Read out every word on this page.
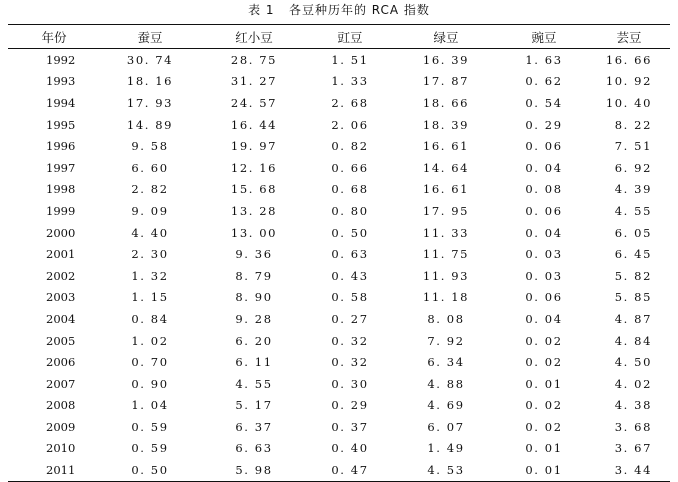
表 1   各豆种历年的 RCA 指数
年份	蚕豆	红小豆	豇豆	绿豆	豌豆	芸豆
1992	30. 74	28. 75	1. 51	16. 39	1. 63	16. 66
1993	18. 16	31. 27	1. 33	17. 87	0. 62	10. 92
1994	17. 93	24. 57	2. 68	18. 66	0. 54	10. 40
1995	14. 89	16. 44	2. 06	18. 39	0. 29	8. 22
1996	9. 58	19. 97	0. 82	16. 61	0. 06	7. 51
1997	6. 60	12. 16	0. 66	14. 64	0. 04	6. 92
1998	2. 82	15. 68	0. 68	16. 61	0. 08	4. 39
1999	9. 09	13. 28	0. 80	17. 95	0. 06	4. 55
2000	4. 40	13. 00	0. 50	11. 33	0. 04	6. 05
2001	2. 30	9. 36	0. 63	11. 75	0. 03	6. 45
2002	1. 32	8. 79	0. 43	11. 93	0. 03	5. 82
2003	1. 15	8. 90	0. 58	11. 18	0. 06	5. 85
2004	0. 84	9. 28	0. 27	8. 08	0. 04	4. 87
2005	1. 02	6. 20	0. 32	7. 92	0. 02	4. 84
2006	0. 70	6. 11	0. 32	6. 34	0. 02	4. 50
2007	0. 90	4. 55	0. 30	4. 88	0. 01	4. 02
2008	1. 04	5. 17	0. 29	4. 69	0. 02	4. 38
2009	0. 59	6. 37	0. 37	6. 07	0. 02	3. 68
2010	0. 59	6. 63	0. 40	1. 49	0. 01	3. 67
2011	0. 50	5. 98	0. 47	4. 53	0. 01	3. 44
